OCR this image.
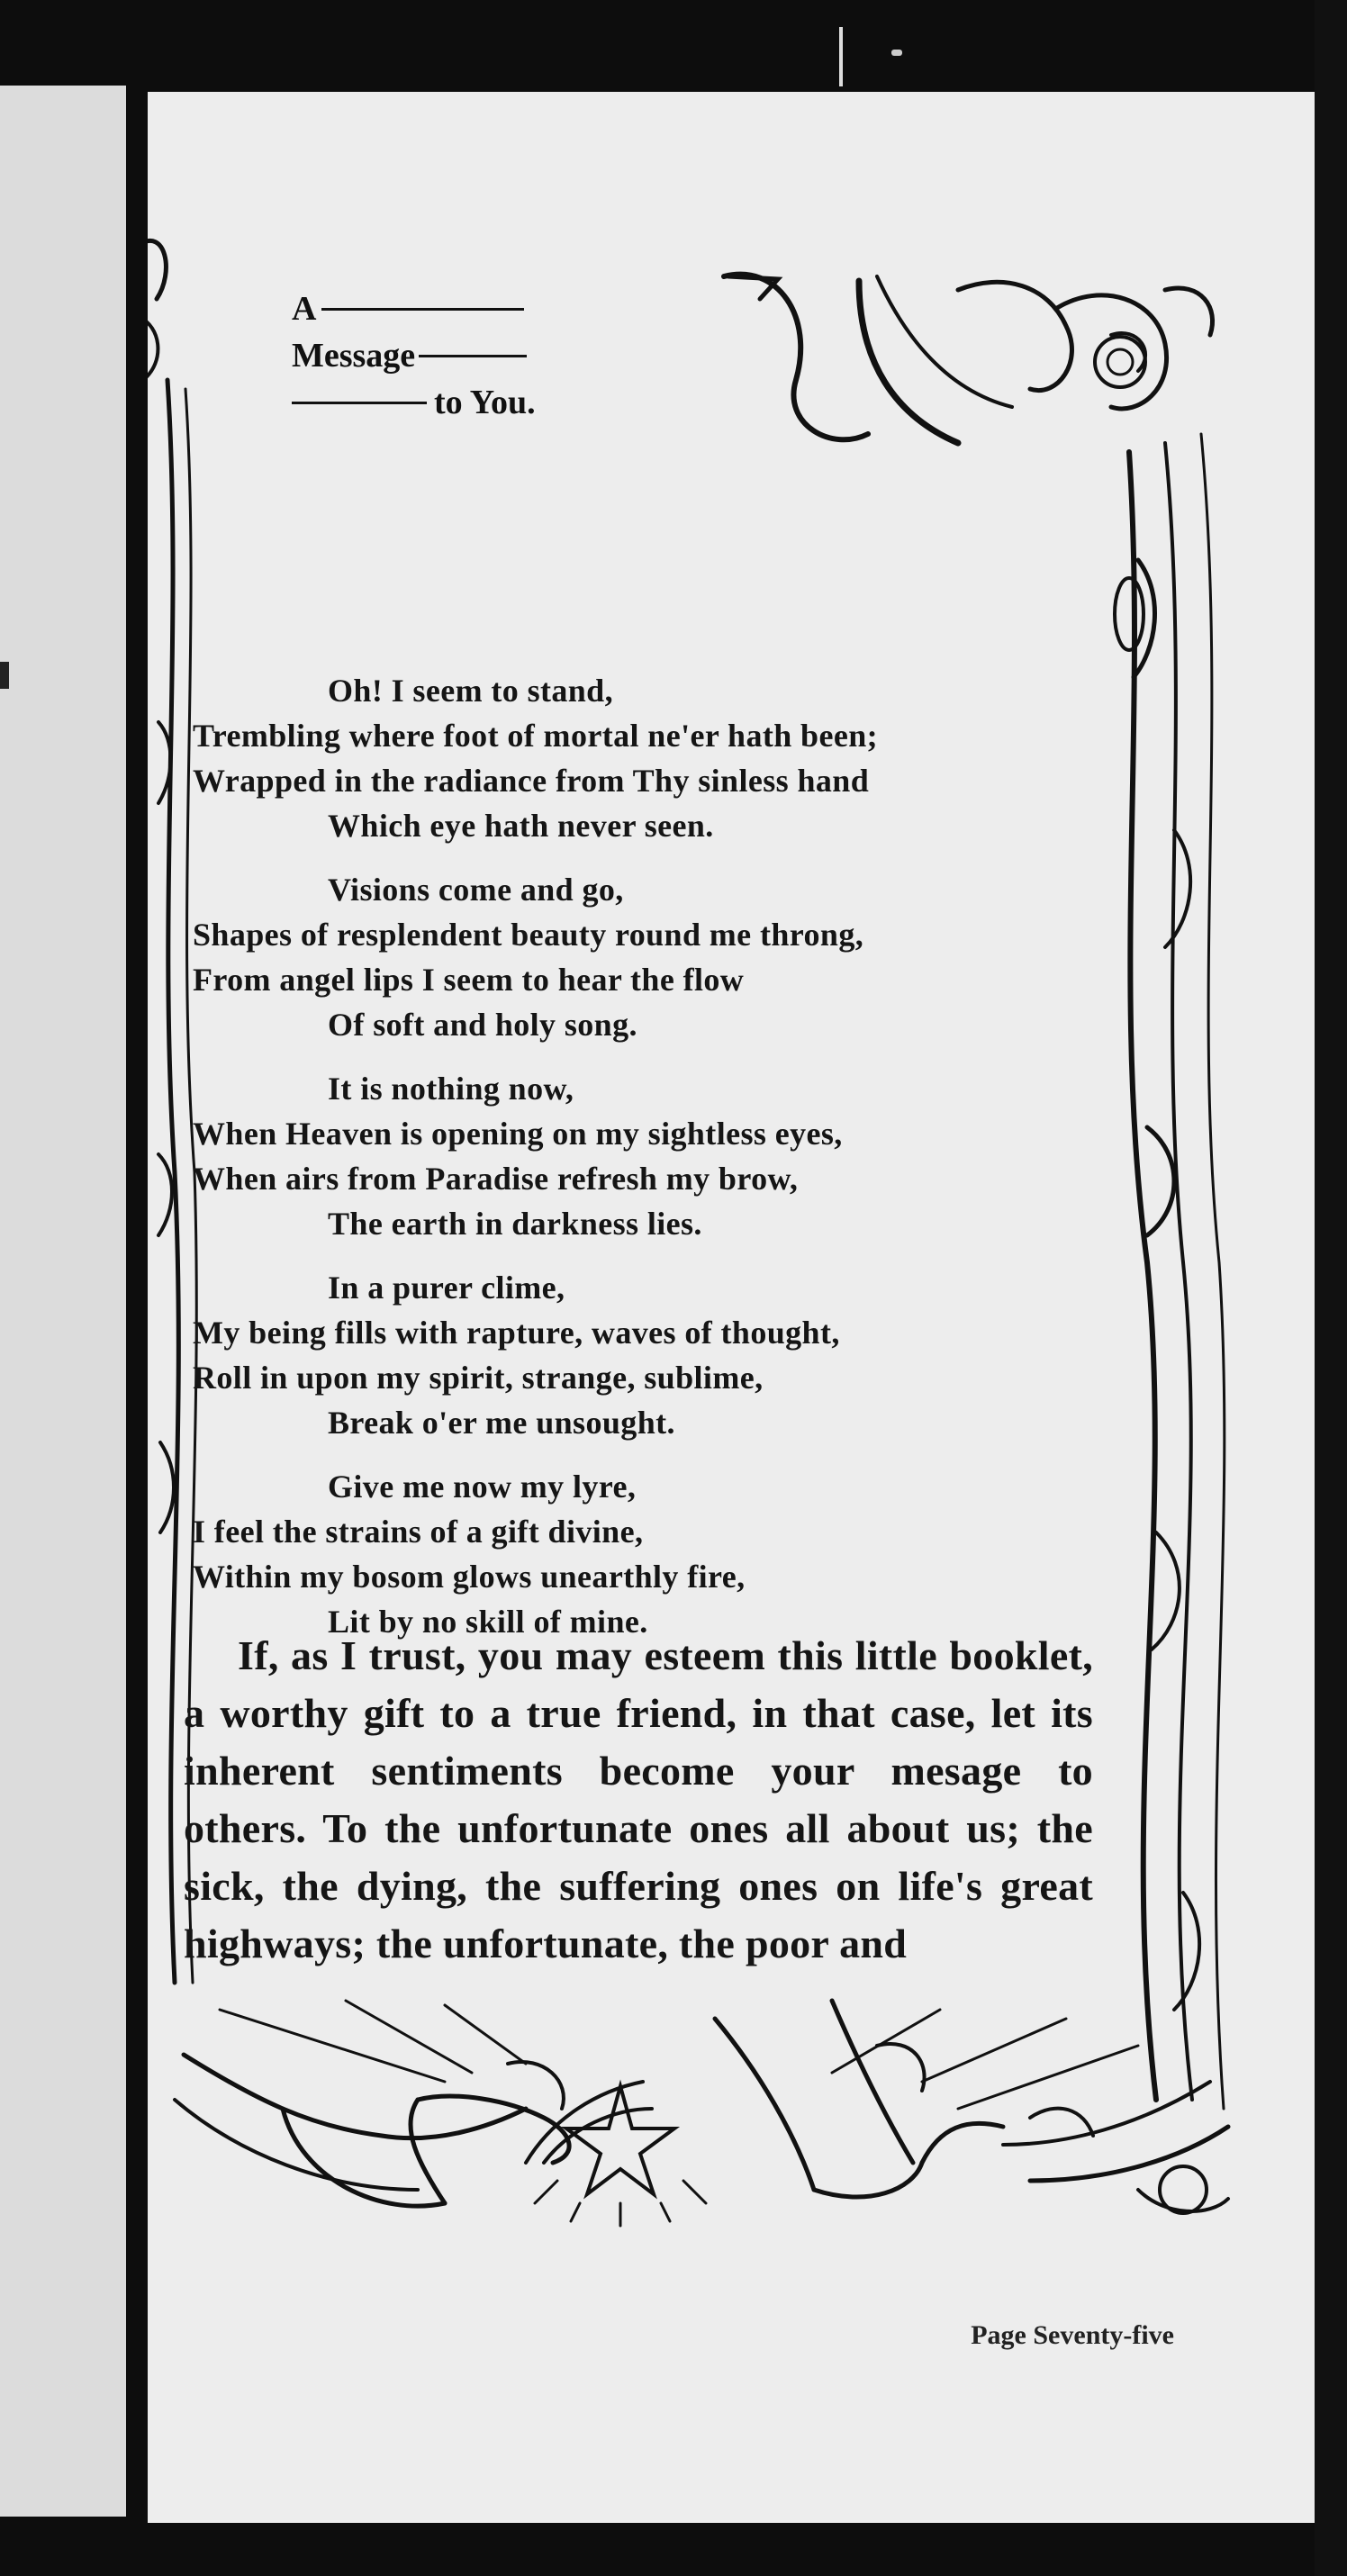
A
Message
to You.
Oh! I seem to stand,
Trembling where foot of mortal ne'er hath been;
Wrapped in the radiance from Thy sinless hand
Which eye hath never seen.
Visions come and go,
Shapes of resplendent beauty round me throng,
From angel lips I seem to hear the flow
Of soft and holy song.
It is nothing now,
When Heaven is opening on my sightless eyes,
When airs from Paradise refresh my brow,
The earth in darkness lies.
In a purer clime,
My being fills with rapture, waves of thought,
Roll in upon my spirit, strange, sublime,
Break o'er me unsought.
Give me now my lyre,
I feel the strains of a gift divine,
Within my bosom glows unearthly fire,
Lit by no skill of mine.
If, as I trust, you may esteem this little booklet, a worthy gift to a true friend, in that case, let its inherent sentiments become your mesage to others. To the unfortunate ones all about us; the sick, the dying, the suffering ones on life's great highways; the unfortunate, the poor and
Page Seventy-five
